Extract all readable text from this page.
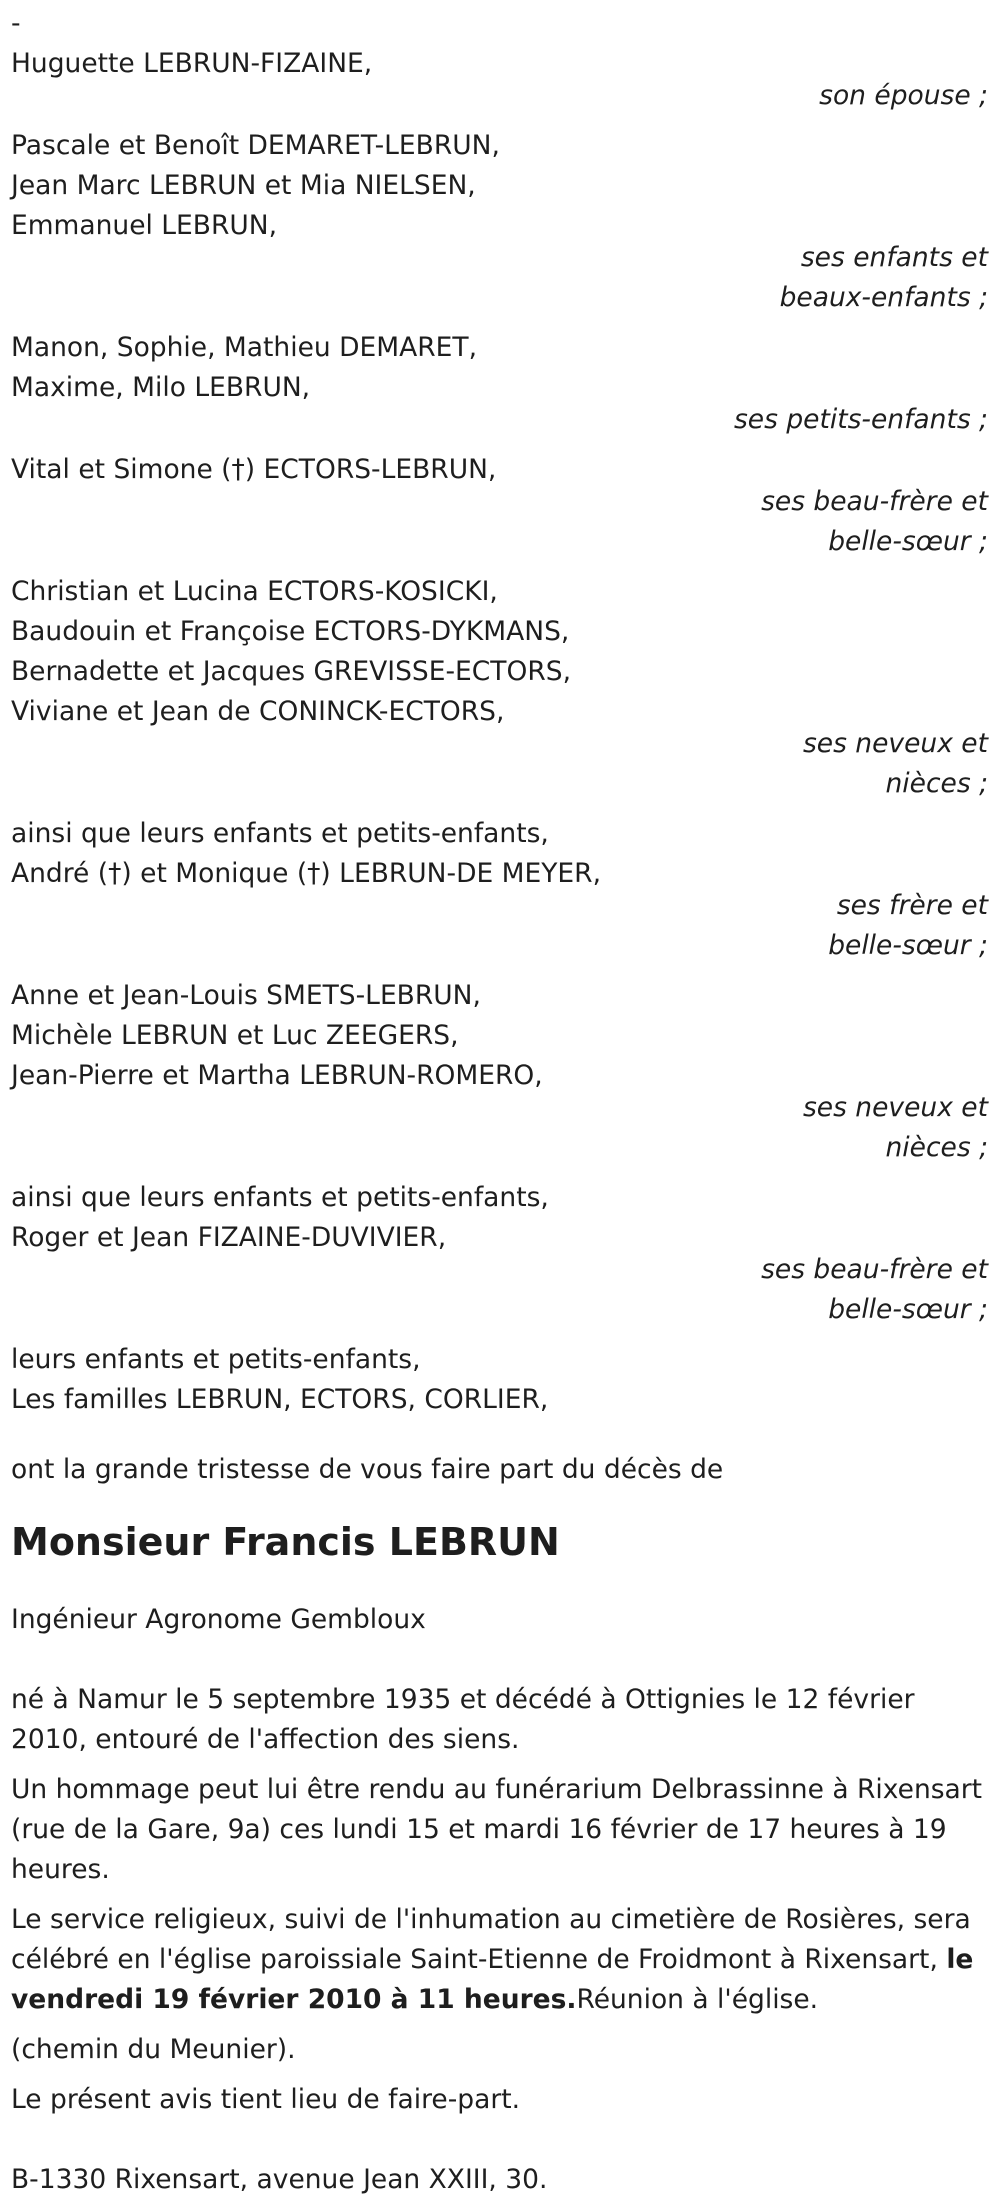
-
Huguette LEBRUN-FIZAINE,
son épouse ;
Pascale et Benoît DEMARET-LEBRUN,
Jean Marc LEBRUN et Mia NIELSEN,
Emmanuel LEBRUN,
ses enfants et
beaux-enfants ;
Manon, Sophie, Mathieu DEMARET,
Maxime, Milo LEBRUN,
ses petits-enfants ;
Vital et Simone (†) ECTORS-LEBRUN,
ses beau-frère et
belle-sœur ;
Christian et Lucina ECTORS-KOSICKI,
Baudouin et Françoise ECTORS-DYKMANS,
Bernadette et Jacques GREVISSE-ECTORS,
Viviane et Jean de CONINCK-ECTORS,
ses neveux et
nièces ;
ainsi que leurs enfants et petits-enfants,
André (†) et Monique (†) LEBRUN-DE MEYER,
ses frère et
belle-sœur ;
Anne et Jean-Louis SMETS-LEBRUN,
Michèle LEBRUN et Luc ZEEGERS,
Jean-Pierre et Martha LEBRUN-ROMERO,
ses neveux et
nièces ;
ainsi que leurs enfants et petits-enfants,
Roger et Jean FIZAINE-DUVIVIER,
ses beau-frère et
belle-sœur ;
leurs enfants et petits-enfants,
Les familles LEBRUN, ECTORS, CORLIER,
ont la grande tristesse de vous faire part du décès de
Monsieur Francis LEBRUN
Ingénieur Agronome Gembloux

né à Namur le 5 septembre 1935 et décédé à Ottignies le 12 février 2010, entouré de l'affection des siens.

Un hommage peut lui être rendu au funérarium Delbrassinne à Rixensart (rue de la Gare, 9a) ces lundi 15 et mardi 16 février de 17 heures à 19 heures.

Le service religieux, suivi de l'inhumation au cimetière de Rosières, sera célébré en l'église paroissiale Saint-Etienne de Froidmont à Rixensart, le vendredi 19 février 2010 à 11 heures.Réunion à l'église.

(chemin du Meunier).

Le présent avis tient lieu de faire-part.

B-1330 Rixensart, avenue Jean XXIII, 30.
